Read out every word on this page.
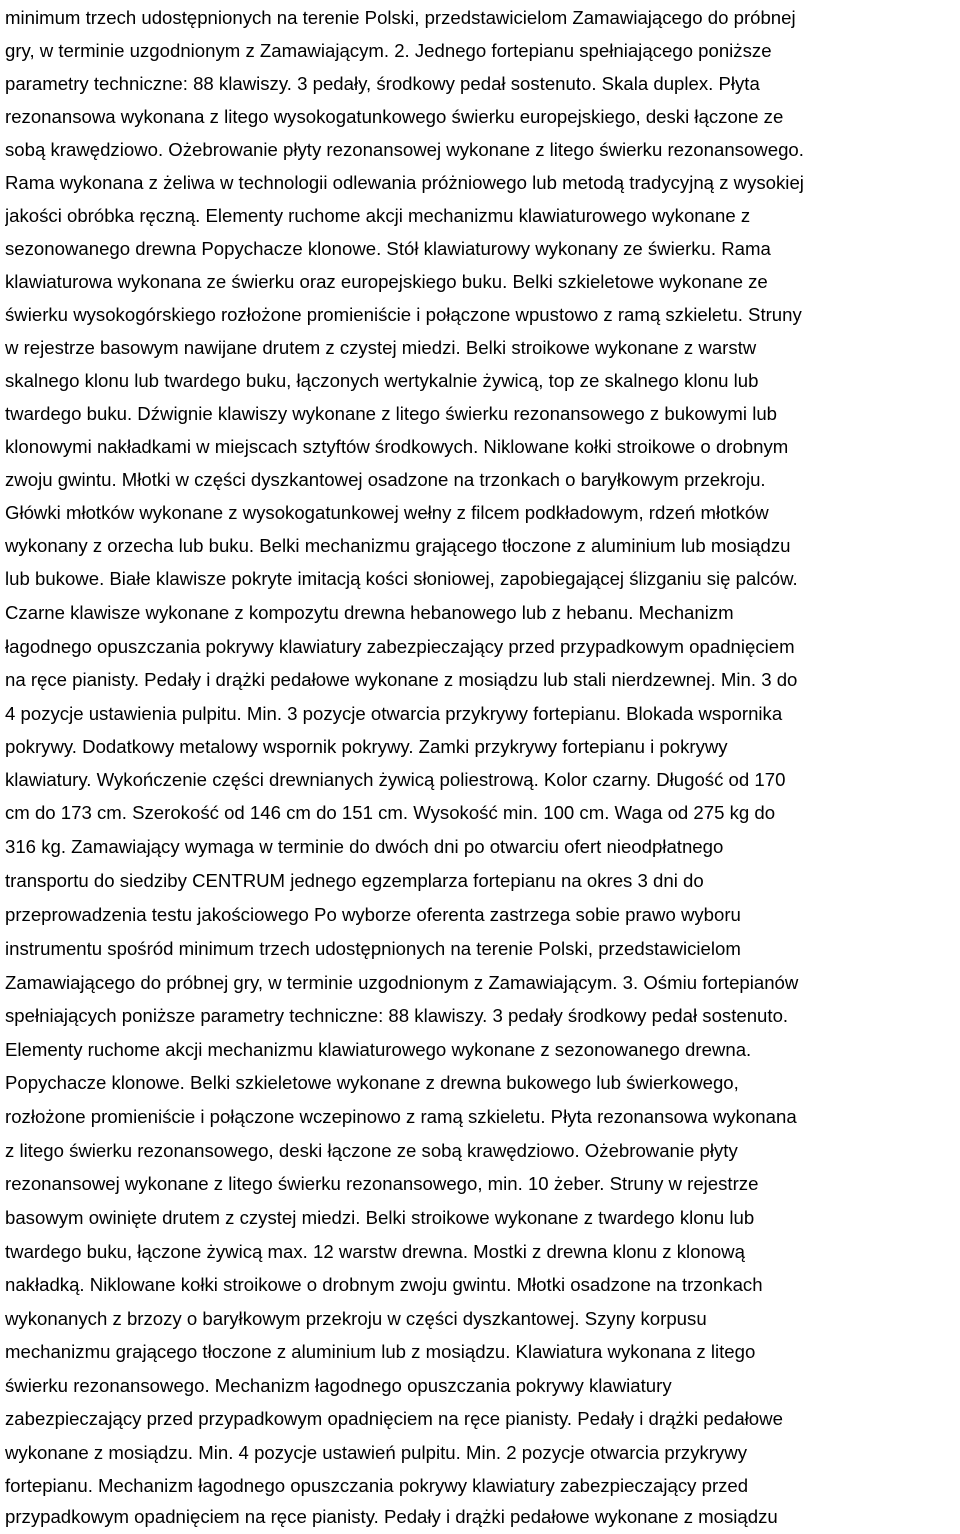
minimum trzech udostępnionych na terenie Polski, przedstawicielom Zamawiającego do próbnej
gry, w terminie uzgodnionym z Zamawiającym. 2. Jednego fortepianu spełniającego poniższe
parametry techniczne: 88 klawiszy. 3 pedały, środkowy pedał sostenuto. Skala duplex. Płyta
rezonansowa wykonana z litego wysokogatunkowego świerku europejskiego, deski łączone ze
sobą krawędziowo. Ożebrowanie płyty rezonansowej wykonane z litego świerku rezonansowego.
Rama wykonana z żeliwa w technologii odlewania próżniowego lub metodą tradycyjną z wysokiej
jakości obróbka ręczną. Elementy ruchome akcji mechanizmu klawiaturowego wykonane z
sezonowanego drewna Popychacze klonowe. Stół klawiaturowy wykonany ze świerku. Rama
klawiaturowa wykonana ze świerku oraz europejskiego buku. Belki szkieletowe wykonane ze
świerku wysokogórskiego rozłożone promieniście i połączone wpustowo z ramą szkieletu. Struny
w rejestrze basowym nawijane drutem z czystej miedzi. Belki stroikowe wykonane z warstw
skalnego klonu lub twardego buku, łączonych wertykalnie żywicą, top ze skalnego klonu lub
twardego buku. Dźwignie klawiszy wykonane z litego świerku rezonansowego z bukowymi lub
klonowymi nakładkami w miejscach sztyftów środkowych. Niklowane kołki stroikowe o drobnym
zwoju gwintu. Młotki w części dyszkantowej osadzone na trzonkach o baryłkowym przekroju.
Główki młotków wykonane z wysokogatunkowej wełny z filcem podkładowym, rdzeń młotków
wykonany z orzecha lub buku. Belki mechanizmu grającego tłoczone z aluminium lub mosiądzu
lub bukowe. Białe klawisze pokryte imitacją kości słoniowej, zapobiegającej ślizganiu się palców.
Czarne klawisze wykonane z kompozytu drewna hebanowego lub z hebanu. Mechanizm
łagodnego opuszczania pokrywy klawiatury zabezpieczający przed przypadkowym opadnięciem
na ręce pianisty. Pedały i drążki pedałowe wykonane z mosiądzu lub stali nierdzewnej. Min. 3 do
4 pozycje ustawienia pulpitu. Min. 3 pozycje otwarcia przykrywy fortepianu. Blokada wspornika
pokrywy. Dodatkowy metalowy wspornik pokrywy. Zamki przykrywy fortepianu i pokrywy
klawiatury. Wykończenie części drewnianych żywicą poliestrową. Kolor czarny. Długość od 170
cm do 173 cm. Szerokość od 146 cm do 151 cm. Wysokość min. 100 cm. Waga od 275 kg do
316 kg. Zamawiający wymaga w terminie do dwóch dni po otwarciu ofert nieodpłatnego
transportu do siedziby CENTRUM jednego egzemplarza fortepianu na okres 3 dni do
przeprowadzenia testu jakościowego Po wyborze oferenta zastrzega sobie prawo wyboru
instrumentu spośród minimum trzech udostępnionych na terenie Polski, przedstawicielom
Zamawiającego do próbnej gry, w terminie uzgodnionym z Zamawiającym. 3. Ośmiu fortepianów
spełniających poniższe parametry techniczne: 88 klawiszy. 3 pedały środkowy pedał sostenuto.
Elementy ruchome akcji mechanizmu klawiaturowego wykonane z sezonowanego drewna.
Popychacze klonowe. Belki szkieletowe wykonane z drewna bukowego lub świerkowego,
rozłożone promieniście i połączone wczepinowo z ramą szkieletu. Płyta rezonansowa wykonana
z litego świerku rezonansowego, deski łączone ze sobą krawędziowo. Ożebrowanie płyty
rezonansowej wykonane z litego świerku rezonansowego, min. 10 żeber. Struny w rejestrze
basowym owinięte drutem z czystej miedzi. Belki stroikowe wykonane z twardego klonu lub
twardego buku, łączone żywicą max. 12 warstw drewna. Mostki z drewna klonu z klonową
nakładką. Niklowane kołki stroikowe o drobnym zwoju gwintu. Młotki osadzone na trzonkach
wykonanych z brzozy o baryłkowym przekroju w części dyszkantowej. Szyny korpusu
mechanizmu grającego tłoczone z aluminium lub z mosiądzu. Klawiatura wykonana z litego
świerku rezonansowego. Mechanizm łagodnego opuszczania pokrywy klawiatury
zabezpieczający przed przypadkowym opadnięciem na ręce pianisty. Pedały i drążki pedałowe
wykonane z mosiądzu. Min. 4 pozycje ustawień pulpitu. Min. 2 pozycje otwarcia przykrywy
fortepianu. Mechanizm łagodnego opuszczania pokrywy klawiatury zabezpieczający przed
przypadkowym opadnięciem na ręce pianisty. Pedały i drążki pedałowe wykonane z mosiądzu
